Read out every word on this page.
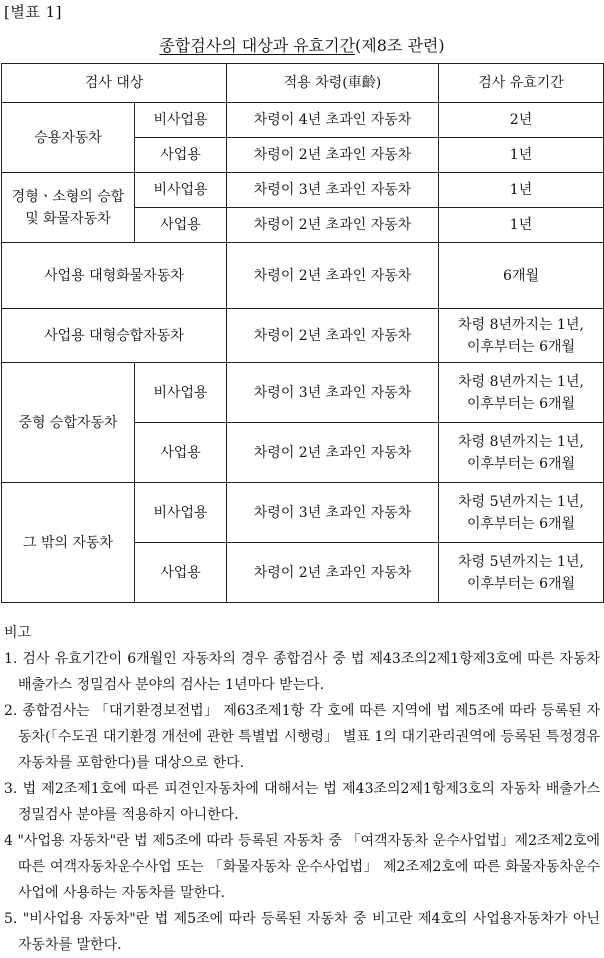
[별표 1]
종합검사의 대상과 유효기간(제8조 관련)
검사 대상		적용 차령(車齡)	검사 유효기간
승용자동차	비사업용	차령이 4년 초과인 자동차	2년
	사업용	차령이 2년 초과인 자동차	1년

경형ㆍ소형의 승합
및 화물자동차	비사업용	차령이 3년 초과인 자동차	1년
	사업용	차령이 2년 초과인 자동차	1년
사업용 대형화물자동차		차령이 2년 초과인 자동차	6개월
사업용 대형승합자동차		차령이 2년 초과인 자동차	차령 8년까지는 1년,
이후부터는 6개월

중형 승합자동차	비사업용	차령이 3년 초과인 자동차	차령 8년까지는 1년,
이후부터는 6개월

	사업용	차령이 2년 초과인 자동차	차령 8년까지는 1년,
이후부터는 6개월

그 밖의 자동차	비사업용	차령이 3년 초과인 자동차	차령 5년까지는 1년,
이후부터는 6개월

	사업용	차령이 2년 초과인 자동차	차령 5년까지는 1년,
이후부터는 6개월
비고
1. 검사 유효기간이 6개월인 자동차의 경우 종합검사 중 법 제43조의2제1항제3호에 따른 자동차 배출가스 정밀검사 분야의 검사는 1년마다 받는다.
2. 종합검사는 「대기환경보전법」 제63조제1항 각 호에 따른 지역에 법 제5조에 따라 등록된 자동차(「수도권 대기환경 개선에 관한 특별법 시행령」 별표 1의 대기관리권역에 등록된 특정경유자동차를 포함한다)를 대상으로 한다.
3. 법 제2조제1호에 따른 피견인자동차에 대해서는 법 제43조의2제1항제3호의 자동차 배출가스 정밀검사 분야를 적용하지 아니한다.
4 "사업용 자동차"란 법 제5조에 따라 등록된 자동차 중 「여객자동차 운수사업법」제2조제2호에 따른 여객자동차운수사업 또는 「화물자동차 운수사업법」 제2조제2호에 따른 화물자동차운수사업에 사용하는 자동차를 말한다.
5. "비사업용 자동차"란 법 제5조에 따라 등록된 자동차 중 비고란 제4호의 사업용자동차가 아닌 자동차를 말한다.
